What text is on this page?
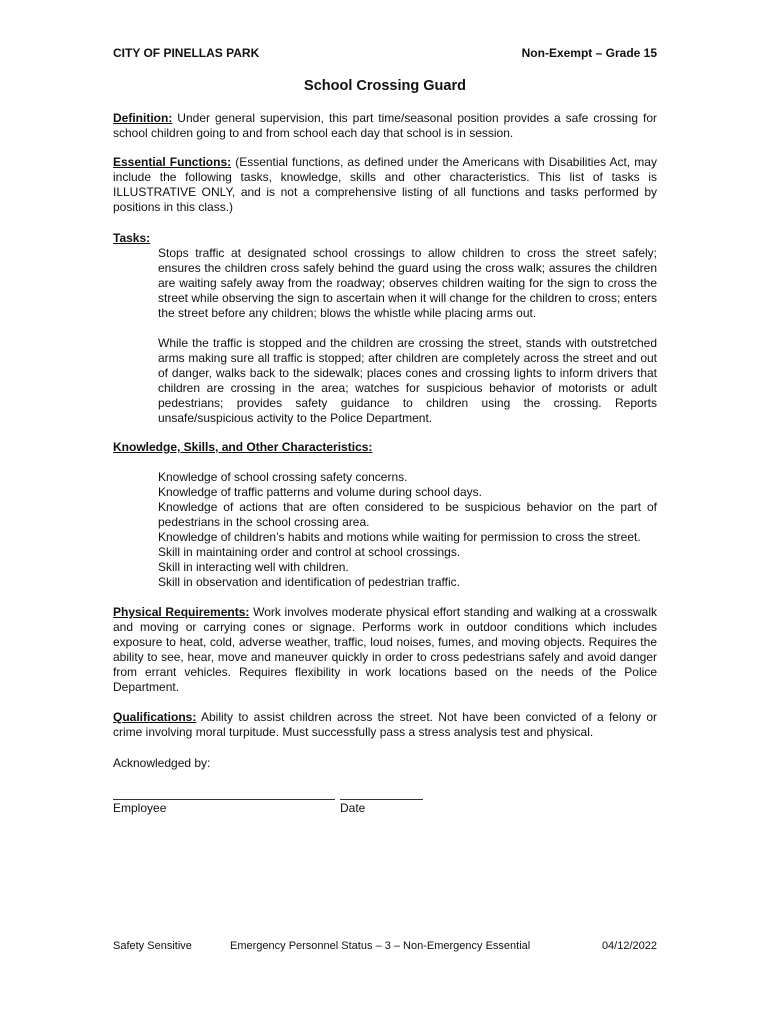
CITY OF PINELLAS PARK	Non-Exempt – Grade 15
School Crossing Guard
Definition: Under general supervision, this part time/seasonal position provides a safe crossing for school children going to and from school each day that school is in session.
Essential Functions: (Essential functions, as defined under the Americans with Disabilities Act, may include the following tasks, knowledge, skills and other characteristics. This list of tasks is ILLUSTRATIVE ONLY, and is not a comprehensive listing of all functions and tasks performed by positions in this class.)
Tasks:
Stops traffic at designated school crossings to allow children to cross the street safely; ensures the children cross safely behind the guard using the cross walk; assures the children are waiting safely away from the roadway; observes children waiting for the sign to cross the street while observing the sign to ascertain when it will change for the children to cross; enters the street before any children; blows the whistle while placing arms out.
While the traffic is stopped and the children are crossing the street, stands with outstretched arms making sure all traffic is stopped; after children are completely across the street and out of danger, walks back to the sidewalk; places cones and crossing lights to inform drivers that children are crossing in the area; watches for suspicious behavior of motorists or adult pedestrians; provides safety guidance to children using the crossing. Reports unsafe/suspicious activity to the Police Department.
Knowledge, Skills, and Other Characteristics:
Knowledge of school crossing safety concerns.
Knowledge of traffic patterns and volume during school days.
Knowledge of actions that are often considered to be suspicious behavior on the part of pedestrians in the school crossing area.
Knowledge of children’s habits and motions while waiting for permission to cross the street.
Skill in maintaining order and control at school crossings.
Skill in interacting well with children.
Skill in observation and identification of pedestrian traffic.
Physical Requirements: Work involves moderate physical effort standing and walking at a crosswalk and moving or carrying cones or signage. Performs work in outdoor conditions which includes exposure to heat, cold, adverse weather, traffic, loud noises, fumes, and moving objects. Requires the ability to see, hear, move and maneuver quickly in order to cross pedestrians safely and avoid danger from errant vehicles. Requires flexibility in work locations based on the needs of the Police Department.
Qualifications: Ability to assist children across the street. Not have been convicted of a felony or crime involving moral turpitude. Must successfully pass a stress analysis test and physical.
Acknowledged by:
Employee	Date
Safety Sensitive	Emergency Personnel Status – 3 – Non-Emergency Essential	04/12/2022
